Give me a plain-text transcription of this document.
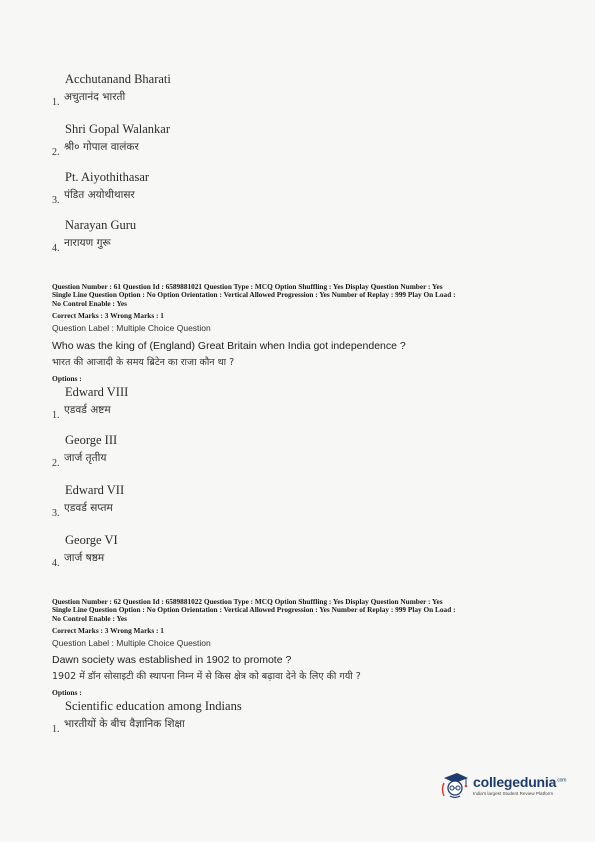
Acchutanand Bharati
1. अचुतानंद भारती
Shri Gopal Walankar
2. श्री० गोपाल वालंकर
Pt. Aiyothithasar
3. पंडित अयोथीथासर
Narayan Guru
4. नारायण गुरू
Question Number : 61 Question Id : 6589881021 Question Type : MCQ Option Shuffling : Yes Display Question Number : Yes
Single Line Question Option : No Option Orientation : Vertical Allowed Progression : Yes Number of Replay : 999 Play On Load :
No Control Enable : Yes
Correct Marks : 3 Wrong Marks : 1
Question Label : Multiple Choice Question
Who was the king of (England) Great Britain when India got independence ?
भारत की आजादी के समय ब्रिटेन का राजा कौन था ?
Options :
Edward VIII
1. एडवर्ड अष्टम
George III
2. जार्ज तृतीय
Edward VII
3. एडवर्ड सप्तम
George VI
4. जार्ज षष्ठम
Question Number : 62 Question Id : 6589881022 Question Type : MCQ Option Shuffling : Yes Display Question Number : Yes
Single Line Question Option : No Option Orientation : Vertical Allowed Progression : Yes Number of Replay : 999 Play On Load :
No Control Enable : Yes
Correct Marks : 3 Wrong Marks : 1
Question Label : Multiple Choice Question
Dawn society was established in 1902 to promote ?
1902 में डॉन सोसाइटी की स्थापना निम्न में से किस क्षेत्र को बढ़ावा देने के लिए की गयी ?
Options :
Scientific education among Indians
1. भारतीयों के बीच वैज्ञानिक शिक्षा
collegedunia$^{.com}$
India's largest Student Review Platform
